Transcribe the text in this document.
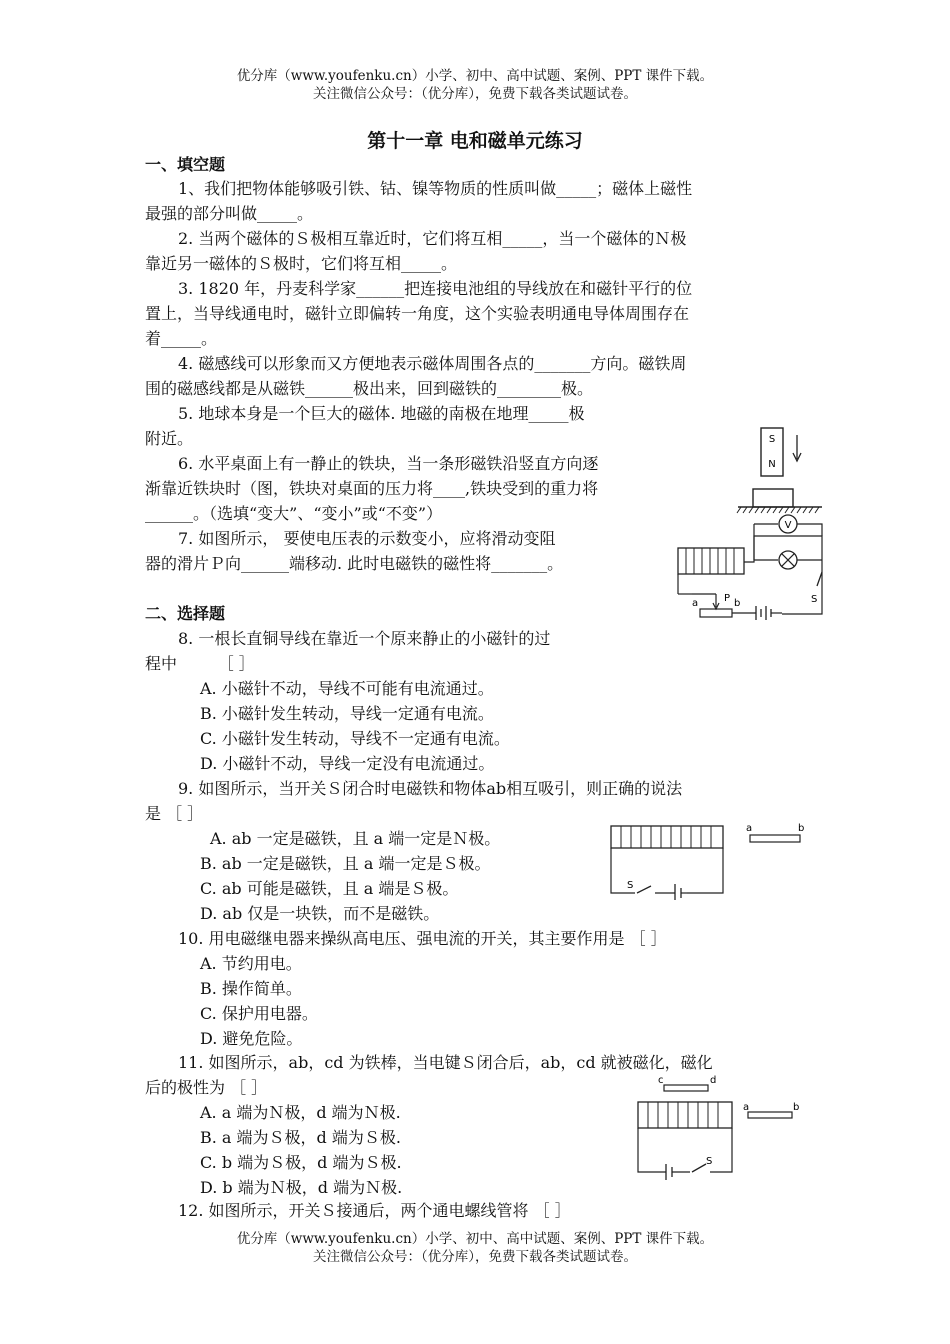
优分库（www.youfenku.cn）小学、初中、高中试题、案例、PPT 课件下载。
关注微信公众号：（优分库），免费下载各类试题试卷。
第十一章 电和磁单元练习
一、填空题
1、我们把物体能够吸引铁、钴、镍等物质的性质叫做_____；磁体上磁性
最强的部分叫做_____。
2. 当两个磁体的Ｓ极相互靠近时，它们将互相_____，当一个磁体的Ｎ极
靠近另一磁体的Ｓ极时，它们将互相_____。
3. 1820 年，丹麦科学家______把连接电池组的导线放在和磁针平行的位
置上，当导线通电时，磁针立即偏转一角度，这个实验表明通电导体周围存在
着_____。
4. 磁感线可以形象而又方便地表示磁体周围各点的_______方向。磁铁周
围的磁感线都是从磁铁______极出来，回到磁铁的________极。
5. 地球本身是一个巨大的磁体. 地磁的南极在地理_____极
附近。
6. 水平桌面上有一静止的铁块，当一条形磁铁沿竖直方向逐
渐靠近铁块时（图，铁块对桌面的压力将____,铁块受到的重力将
______。（选填“变大”、“变小”或“不变”）
7. 如图所示， 要使电压表的示数变小，应将滑动变阻
器的滑片Ｐ向______端移动. 此时电磁铁的磁性将_______。
二、选择题
8. 一根长直铜导线在靠近一个原来静止的小磁针的过
程中        ［ ］
A. 小磁针不动，导线不可能有电流通过。
B. 小磁针发生转动，导线一定通有电流。
C. 小磁针发生转动，导线不一定通有电流。
D. 小磁针不动，导线一定没有电流通过。
9. 如图所示，当开关Ｓ闭合时电磁铁和物体ab相互吸引，则正确的说法
是 ［ ］
A. ab 一定是磁铁，且 a 端一定是Ｎ极。
B. ab 一定是磁铁，且 a 端一定是Ｓ极。
C. ab 可能是磁铁，且 a 端是Ｓ极。
D. ab 仅是一块铁，而不是磁铁。
10. 用电磁继电器来操纵高电压、强电流的开关，其主要作用是 ［ ］
A. 节约用电。
B. 操作简单。
C. 保护用电器。
D. 避免危险。
11. 如图所示，ab，cd 为铁棒，当电键Ｓ闭合后，ab，cd 就被磁化，磁化
后的极性为 ［ ］
A. a 端为Ｎ极，d 端为Ｎ极.
B. a 端为Ｓ极，d 端为Ｓ极.
C. b 端为Ｓ极，d 端为Ｓ极.
D. b 端为Ｎ极，d 端为Ｎ极.
12. 如图所示，开关Ｓ接通后，两个通电螺线管将 ［ ］
优分库（www.youfenku.cn）小学、初中、高中试题、案例、PPT 课件下载。
关注微信公众号：（优分库），免费下载各类试题试卷。
S
N
V
S
a	b
P
S
a	b
c	d
a	b
S
